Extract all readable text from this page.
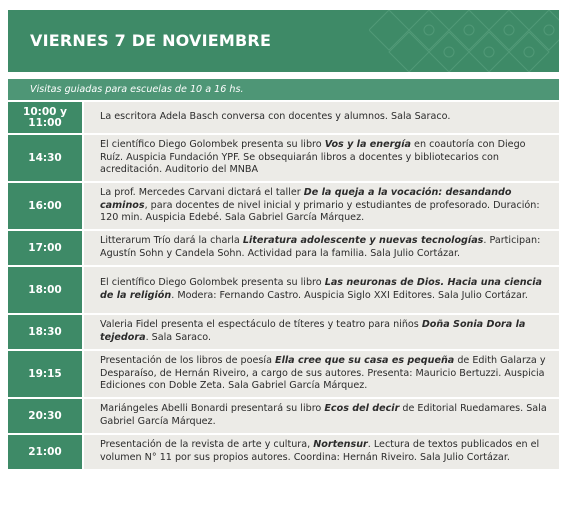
VIERNES 7 DE NOVIEMBRE
Visitas guiadas para escuelas de 10 a 16 hs.
10:00 y
11:00	La escritora Adela Basch conversa con docentes y alumnos. Sala Saraco.

14:30

El científico Diego Golombek presenta su libro Vos y la energía en coautoría con Diego Ruíz. Auspicia Fundación YPF. Se obsequiarán libros a docentes y bibliotecarios con acreditación. Auditorio del MNBA

16:00

La prof. Mercedes Carvani dictará el taller De la queja a la vocación: desandando caminos, para docentes de nivel inicial y primario y estudiantes de profesorado. Duración: 120 min. Auspicia Edebé. Sala Gabriel García Márquez.

17:00

Litterarum Trío dará la charla Literatura adolescente y nuevas tecnologías. Participan: Agustín Sohn y Candela Sohn. Actividad para la familia. Sala Julio Cortázar.

18:00

El científico Diego Golombek presenta su libro Las neuronas de Dios. Hacia una ciencia de la religión. Modera: Fernando Castro. Auspicia Siglo XXI Editores. Sala Julio Cortázar.

18:30

Valeria Fidel presenta el espectáculo de títeres y teatro para niños Doña Sonia Dora la tejedora. Sala Saraco.

19:15

Presentación de los libros de poesía Ella cree que su casa es pequeña de Edith Galarza y Desparaíso, de Hernán Riveiro, a cargo de sus autores. Presenta: Mauricio Bertuzzi. Auspicia Ediciones con Doble Zeta. Sala Gabriel García Márquez.

20:30

Mariángeles Abelli Bonardi presentará su libro Ecos del decir de Editorial Ruedamares. Sala Gabriel García Márquez.

21:00

Presentación de la revista de arte y cultura, Nortensur. Lectura de textos publicados en el volumen N° 11 por sus propios autores. Coordina: Hernán Riveiro. Sala Julio Cortázar.
